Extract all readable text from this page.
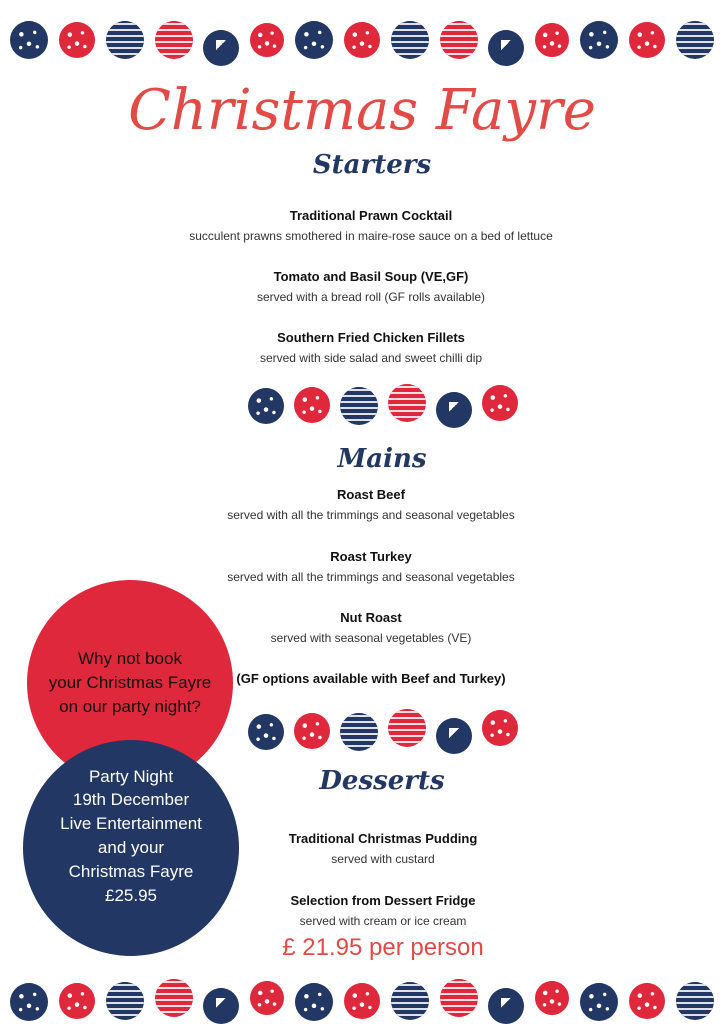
Christmas Fayre
Starters
Traditional Prawn Cocktail
succulent prawns smothered in maire-rose sauce on a bed of lettuce
Tomato and Basil Soup (VE,GF)
served with a bread roll (GF rolls available)
Southern Fried Chicken Fillets
served with side salad and sweet chilli dip
Mains
Roast Beef
served with all the trimmings and seasonal vegetables
Roast Turkey
served with all the trimmings and seasonal vegetables
Nut Roast
served with seasonal vegetables (VE)
Why not book
your Christmas Fayre
on our party night?
(GF options available with Beef and Turkey)
Party Night
19th December
Live Entertainment
and your
Christmas Fayre
£25.95
Desserts
Traditional Christmas Pudding
served with custard
Selection from Dessert Fridge
served with cream or ice cream
£ 21.95 per person
